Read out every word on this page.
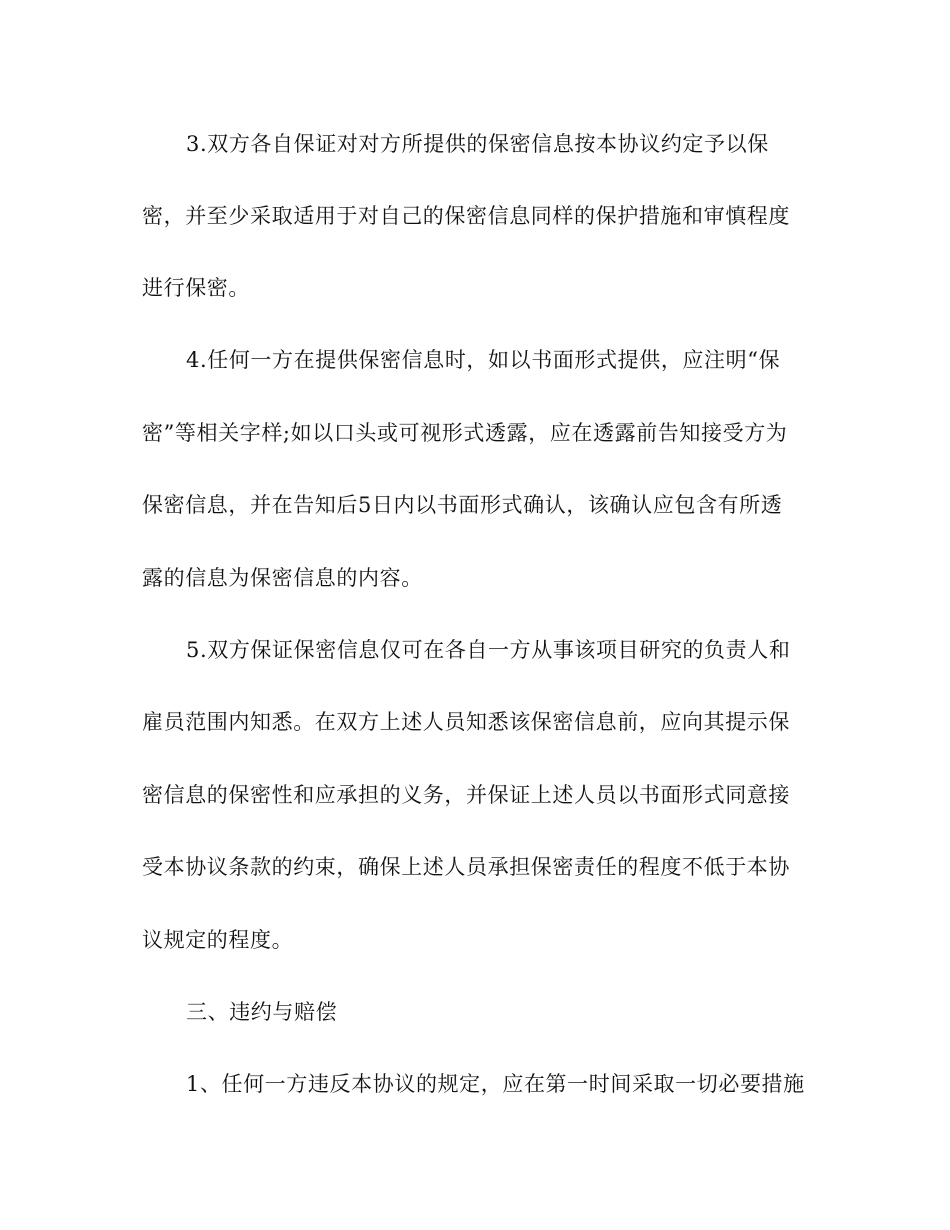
3.双方各自保证对对方所提供的保密信息按本协议约定予以保
密，并至少采取适用于对自己的保密信息同样的保护措施和审慎程度
进行保密。
4.任何一方在提供保密信息时，如以书面形式提供，应注明“保
密”等相关字样;如以口头或可视形式透露，应在透露前告知接受方为
保密信息，并在告知后5日内以书面形式确认，该确认应包含有所透
露的信息为保密信息的内容。
5.双方保证保密信息仅可在各自一方从事该项目研究的负责人和
雇员范围内知悉。在双方上述人员知悉该保密信息前，应向其提示保
密信息的保密性和应承担的义务，并保证上述人员以书面形式同意接
受本协议条款的约束，确保上述人员承担保密责任的程度不低于本协
议规定的程度。
三、违约与赔偿
1、任何一方违反本协议的规定，应在第一时间采取一切必要措施
